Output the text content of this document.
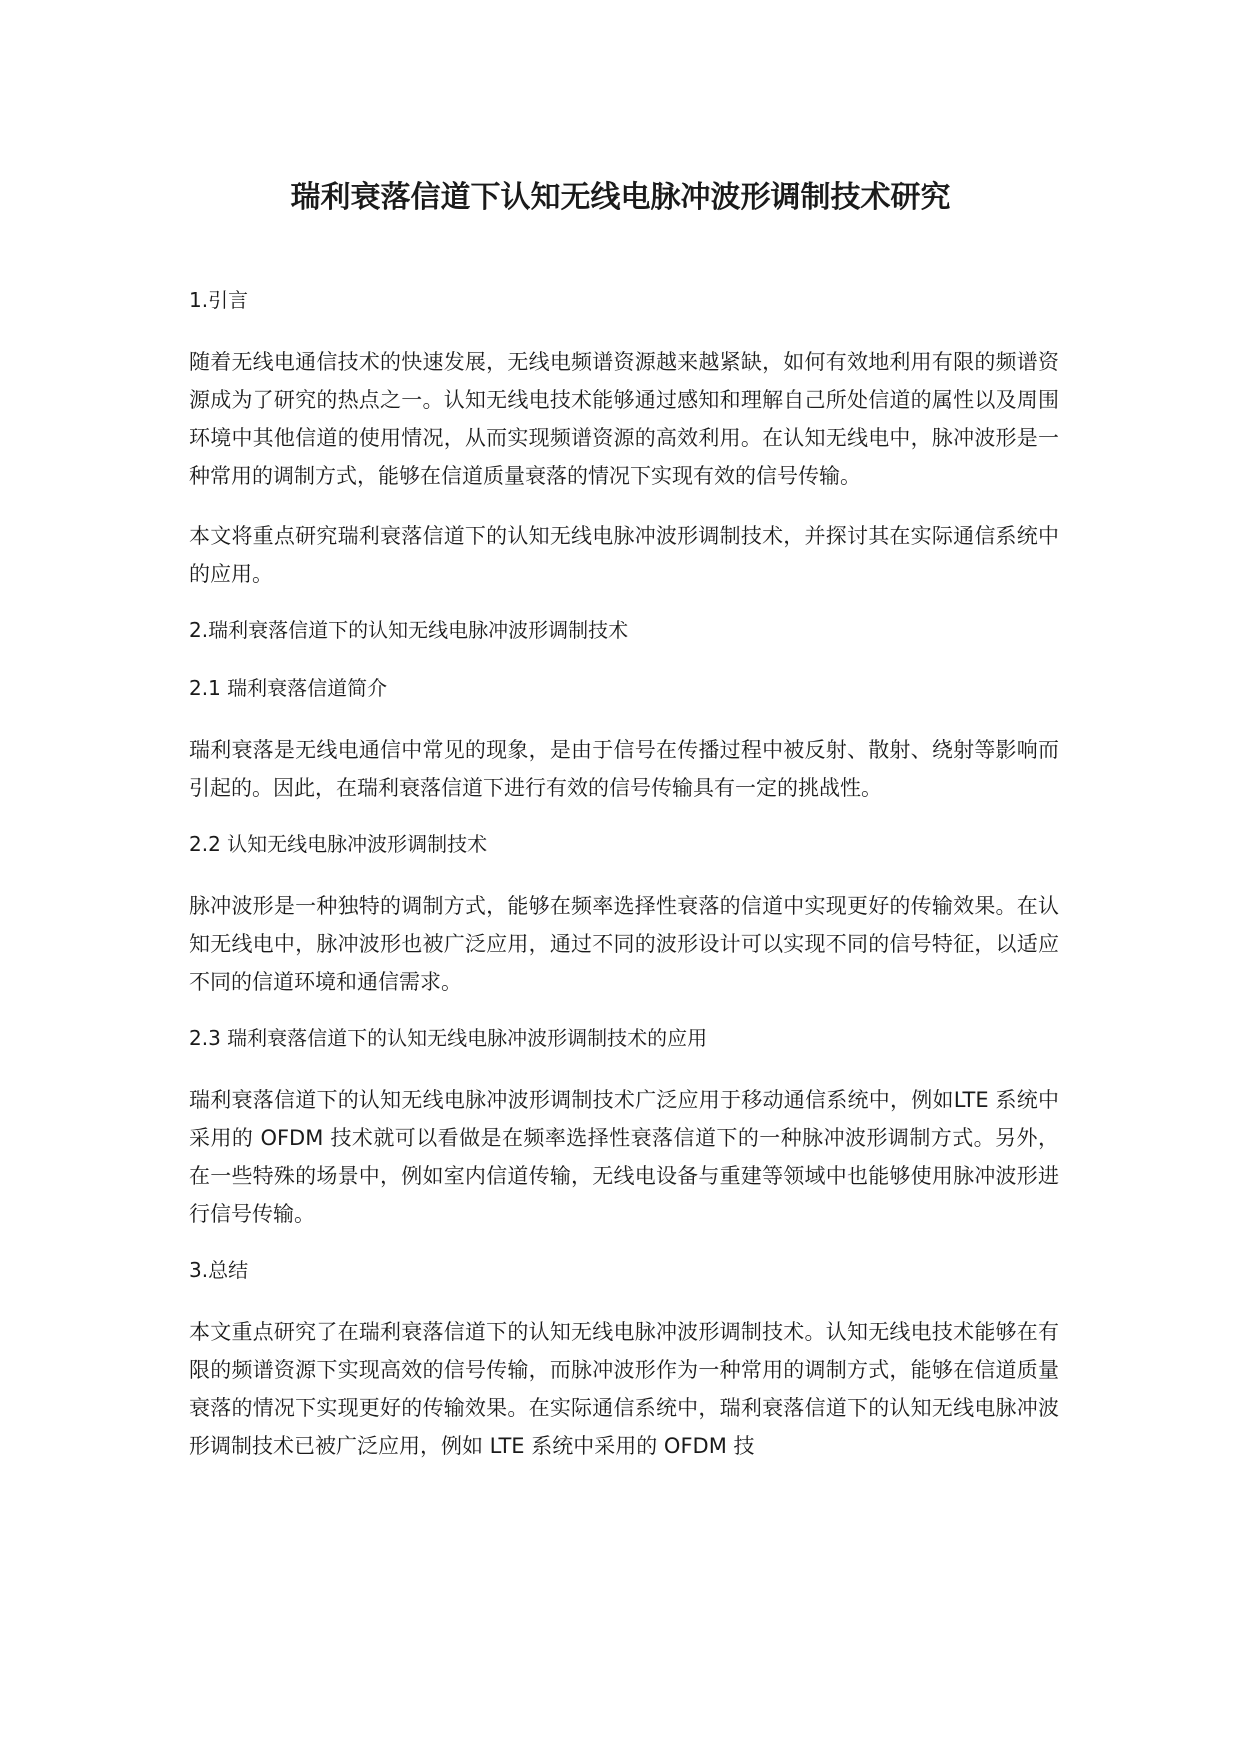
瑞利衰落信道下认知无线电脉冲波形调制技术研究
1.引言

随着无线电通信技术的快速发展，无线电频谱资源越来越紧缺，如何有效地利用有限的频谱资源成为了研究的热点之一。认知无线电技术能够通过感知和理解自己所处信道的属性以及周围环境中其他信道的使用情况，从而实现频谱资源的高效利用。在认知无线电中，脉冲波形是一种常用的调制方式，能够在信道质量衰落的情况下实现有效的信号传输。

本文将重点研究瑞利衰落信道下的认知无线电脉冲波形调制技术，并探讨其在实际通信系统中的应用。

2.瑞利衰落信道下的认知无线电脉冲波形调制技术
2.1 瑞利衰落信道简介

瑞利衰落是无线电通信中常见的现象，是由于信号在传播过程中被反射、散射、绕射等影响而引起的。因此，在瑞利衰落信道下进行有效的信号传输具有一定的挑战性。

2.2 认知无线电脉冲波形调制技术

脉冲波形是一种独特的调制方式，能够在频率选择性衰落的信道中实现更好的传输效果。在认知无线电中，脉冲波形也被广泛应用，通过不同的波形设计可以实现不同的信号特征，以适应不同的信道环境和通信需求。

2.3 瑞利衰落信道下的认知无线电脉冲波形调制技术的应用

瑞利衰落信道下的认知无线电脉冲波形调制技术广泛应用于移动通信系统中，例如LTE 系统中采用的 OFDM 技术就可以看做是在频率选择性衰落信道下的一种脉冲波形调制方式。另外，在一些特殊的场景中，例如室内信道传输，无线电设备与重建等领域中也能够使用脉冲波形进行信号传输。

3.总结

本文重点研究了在瑞利衰落信道下的认知无线电脉冲波形调制技术。认知无线电技术能够在有限的频谱资源下实现高效的信号传输，而脉冲波形作为一种常用的调制方式，能够在信道质量衰落的情况下实现更好的传输效果。在实际通信系统中，瑞利衰落信道下的认知无线电脉冲波形调制技术已被广泛应用，例如 LTE 系统中采用的 OFDM 技
